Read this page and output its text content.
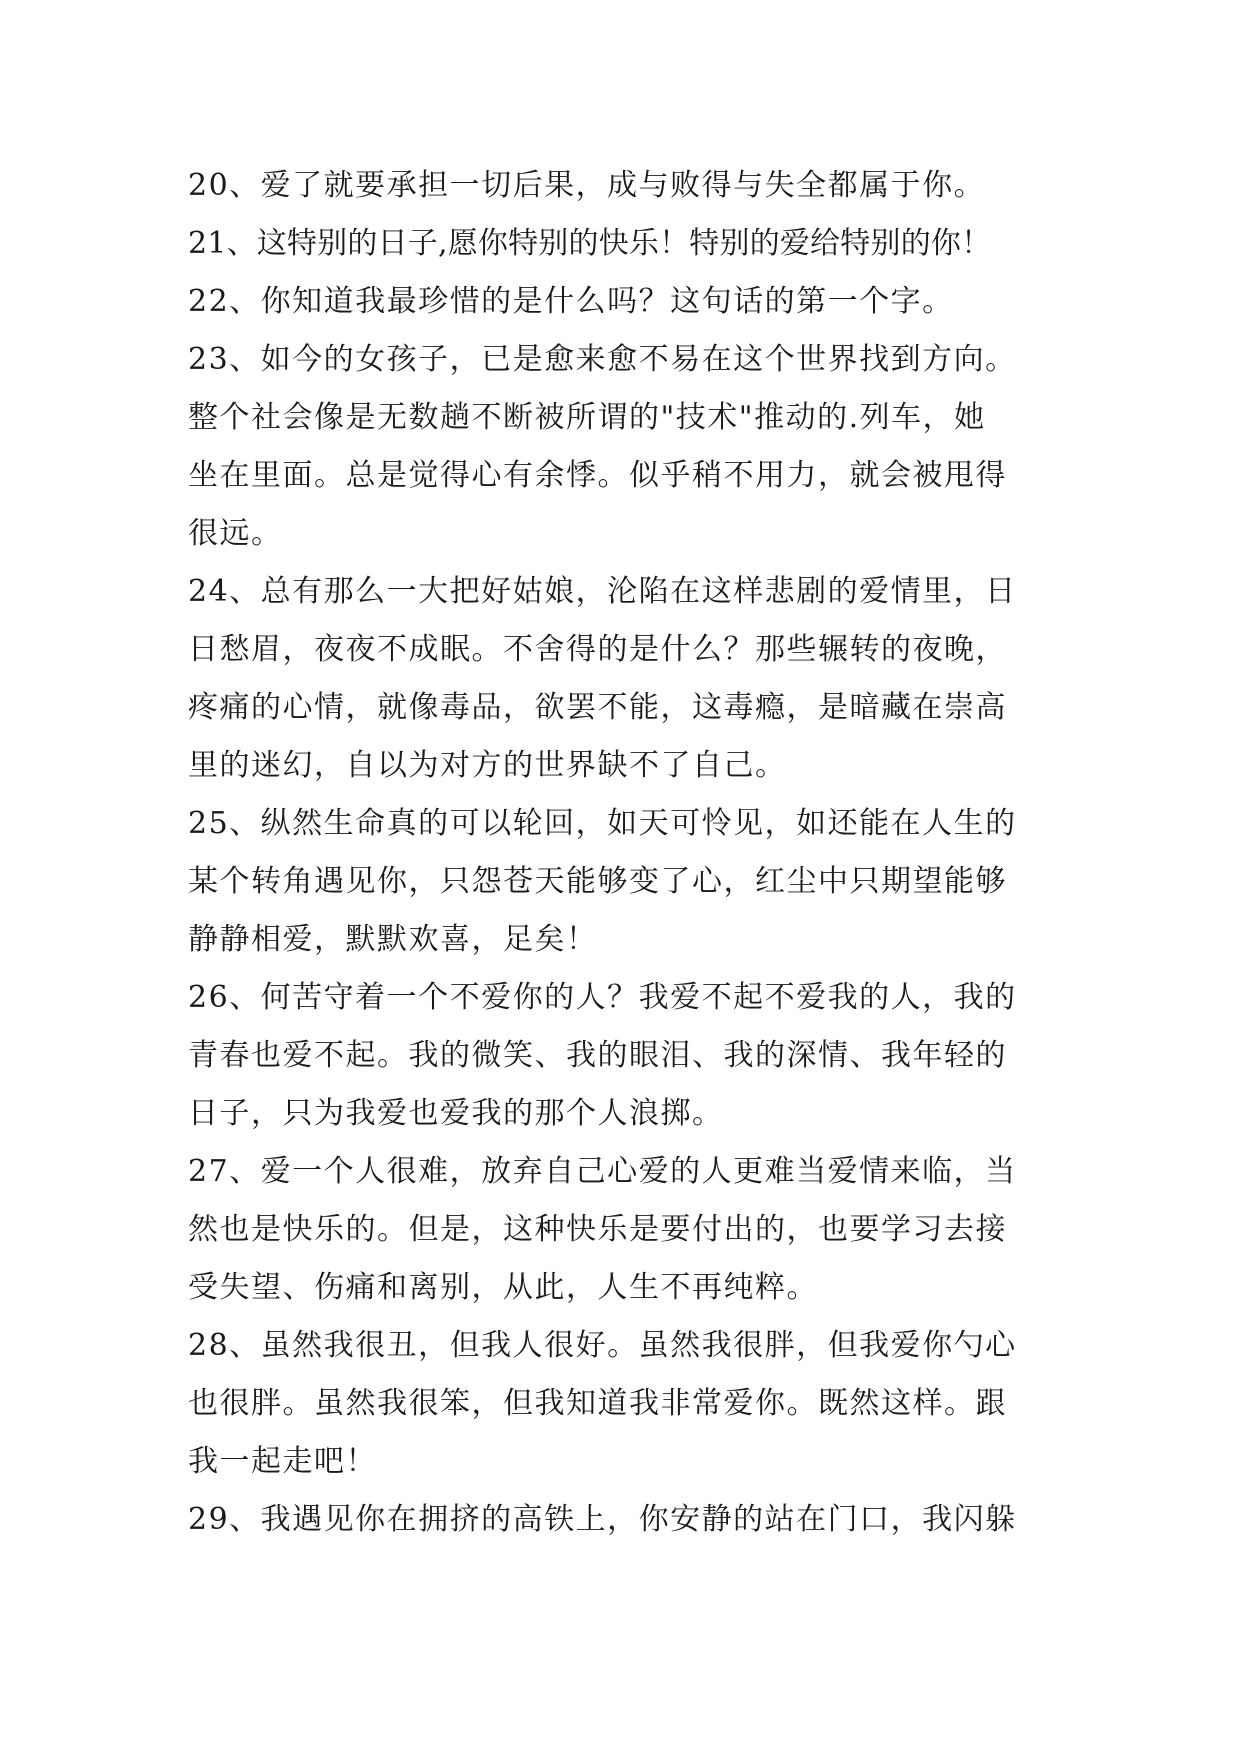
20、爱了就要承担一切后果，成与败得与失全都属于你。
21、这特别的日子,愿你特别的快乐！特别的爱给特别的你！
22、你知道我最珍惜的是什么吗？这句话的第一个字。
23、如今的女孩子，已是愈来愈不易在这个世界找到方向。
整个社会像是无数趟不断被所谓的"技术"推动的.列车，她
坐在里面。总是觉得心有余悸。似乎稍不用力，就会被甩得
很远。
24、总有那么一大把好姑娘，沦陷在这样悲剧的爱情里，日
日愁眉，夜夜不成眠。不舍得的是什么？那些辗转的夜晚，
疼痛的心情，就像毒品，欲罢不能，这毒瘾，是暗藏在崇高
里的迷幻，自以为对方的世界缺不了自己。
25、纵然生命真的可以轮回，如天可怜见，如还能在人生的
某个转角遇见你，只怨苍天能够变了心，红尘中只期望能够
静静相爱，默默欢喜，足矣！
26、何苦守着一个不爱你的人？我爱不起不爱我的人，我的
青春也爱不起。我的微笑、我的眼泪、我的深情、我年轻的
日子，只为我爱也爱我的那个人浪掷。
27、爱一个人很难，放弃自己心爱的人更难当爱情来临，当
然也是快乐的。但是，这种快乐是要付出的，也要学习去接
受失望、伤痛和离别，从此，人生不再纯粹。
28、虽然我很丑，但我人很好。虽然我很胖，但我爱你勺心
也很胖。虽然我很笨，但我知道我非常爱你。既然这样。跟
我一起走吧！
29、我遇见你在拥挤的高铁上，你安静的站在门口，我闪躲
